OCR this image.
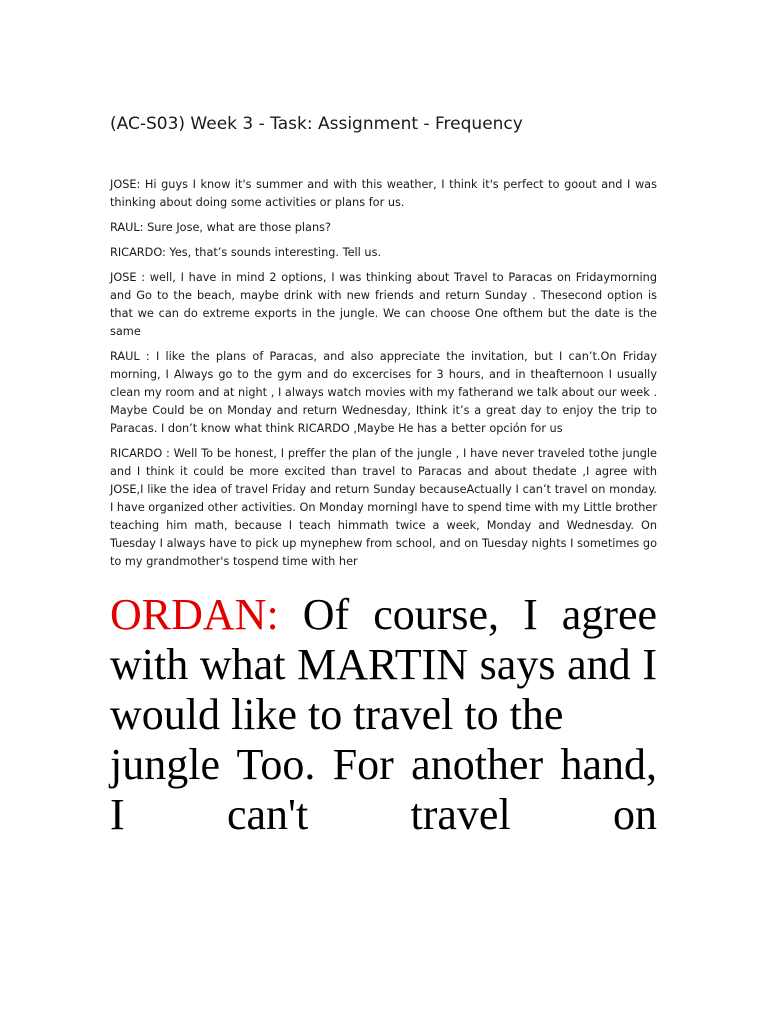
(AC-S03) Week 3 - Task: Assignment - Frequency

JOSE: Hi guys I know it's summer and with this weather, I think it's perfect to goout and I was thinking about doing some activities or plans for us.

RAUL: Sure Jose, what are those plans?

RICARDO: Yes, that’s sounds interesting. Tell us.

JOSE : well, I have in mind 2 options, I was thinking about Travel to Paracas on Fridaymorning and Go to the beach, maybe drink with new friends and return Sunday . Thesecond option is that we can do extreme exports in the jungle. We can choose One ofthem but the date is the same

RAUL : I like the plans of Paracas, and also appreciate the invitation, but I can’t.On Friday morning, I Always go to the gym and do excercises for 3 hours, and in theafternoon I usually clean my room and at night , I always watch movies with my fatherand we talk about our week . Maybe Could be on Monday and return Wednesday, Ithink it’s a great day to enjoy the trip to Paracas. I don’t know what think RICARDO ,Maybe He has a better opción for us

RICARDO : Well To be honest, I preffer the plan of the jungle , I have never traveled tothe jungle and I think it could be more excited than travel to Paracas and about thedate ,I agree with JOSE,I like the idea of travel Friday and return Sunday becauseActually I can’t travel on monday. I have organized other activities. On Monday morningI have to spend time with my Little brother teaching him math, because I teach himmath twice a week, Monday and Wednesday. On Tuesday I always have to pick up mynephew from school, and on Tuesday nights I sometimes go to my grandmother's tospend time with her

ORDAN: Of course, I agree with what MARTIN says and I would like to travel to the

jungle Too. For another hand, I can't travel on
